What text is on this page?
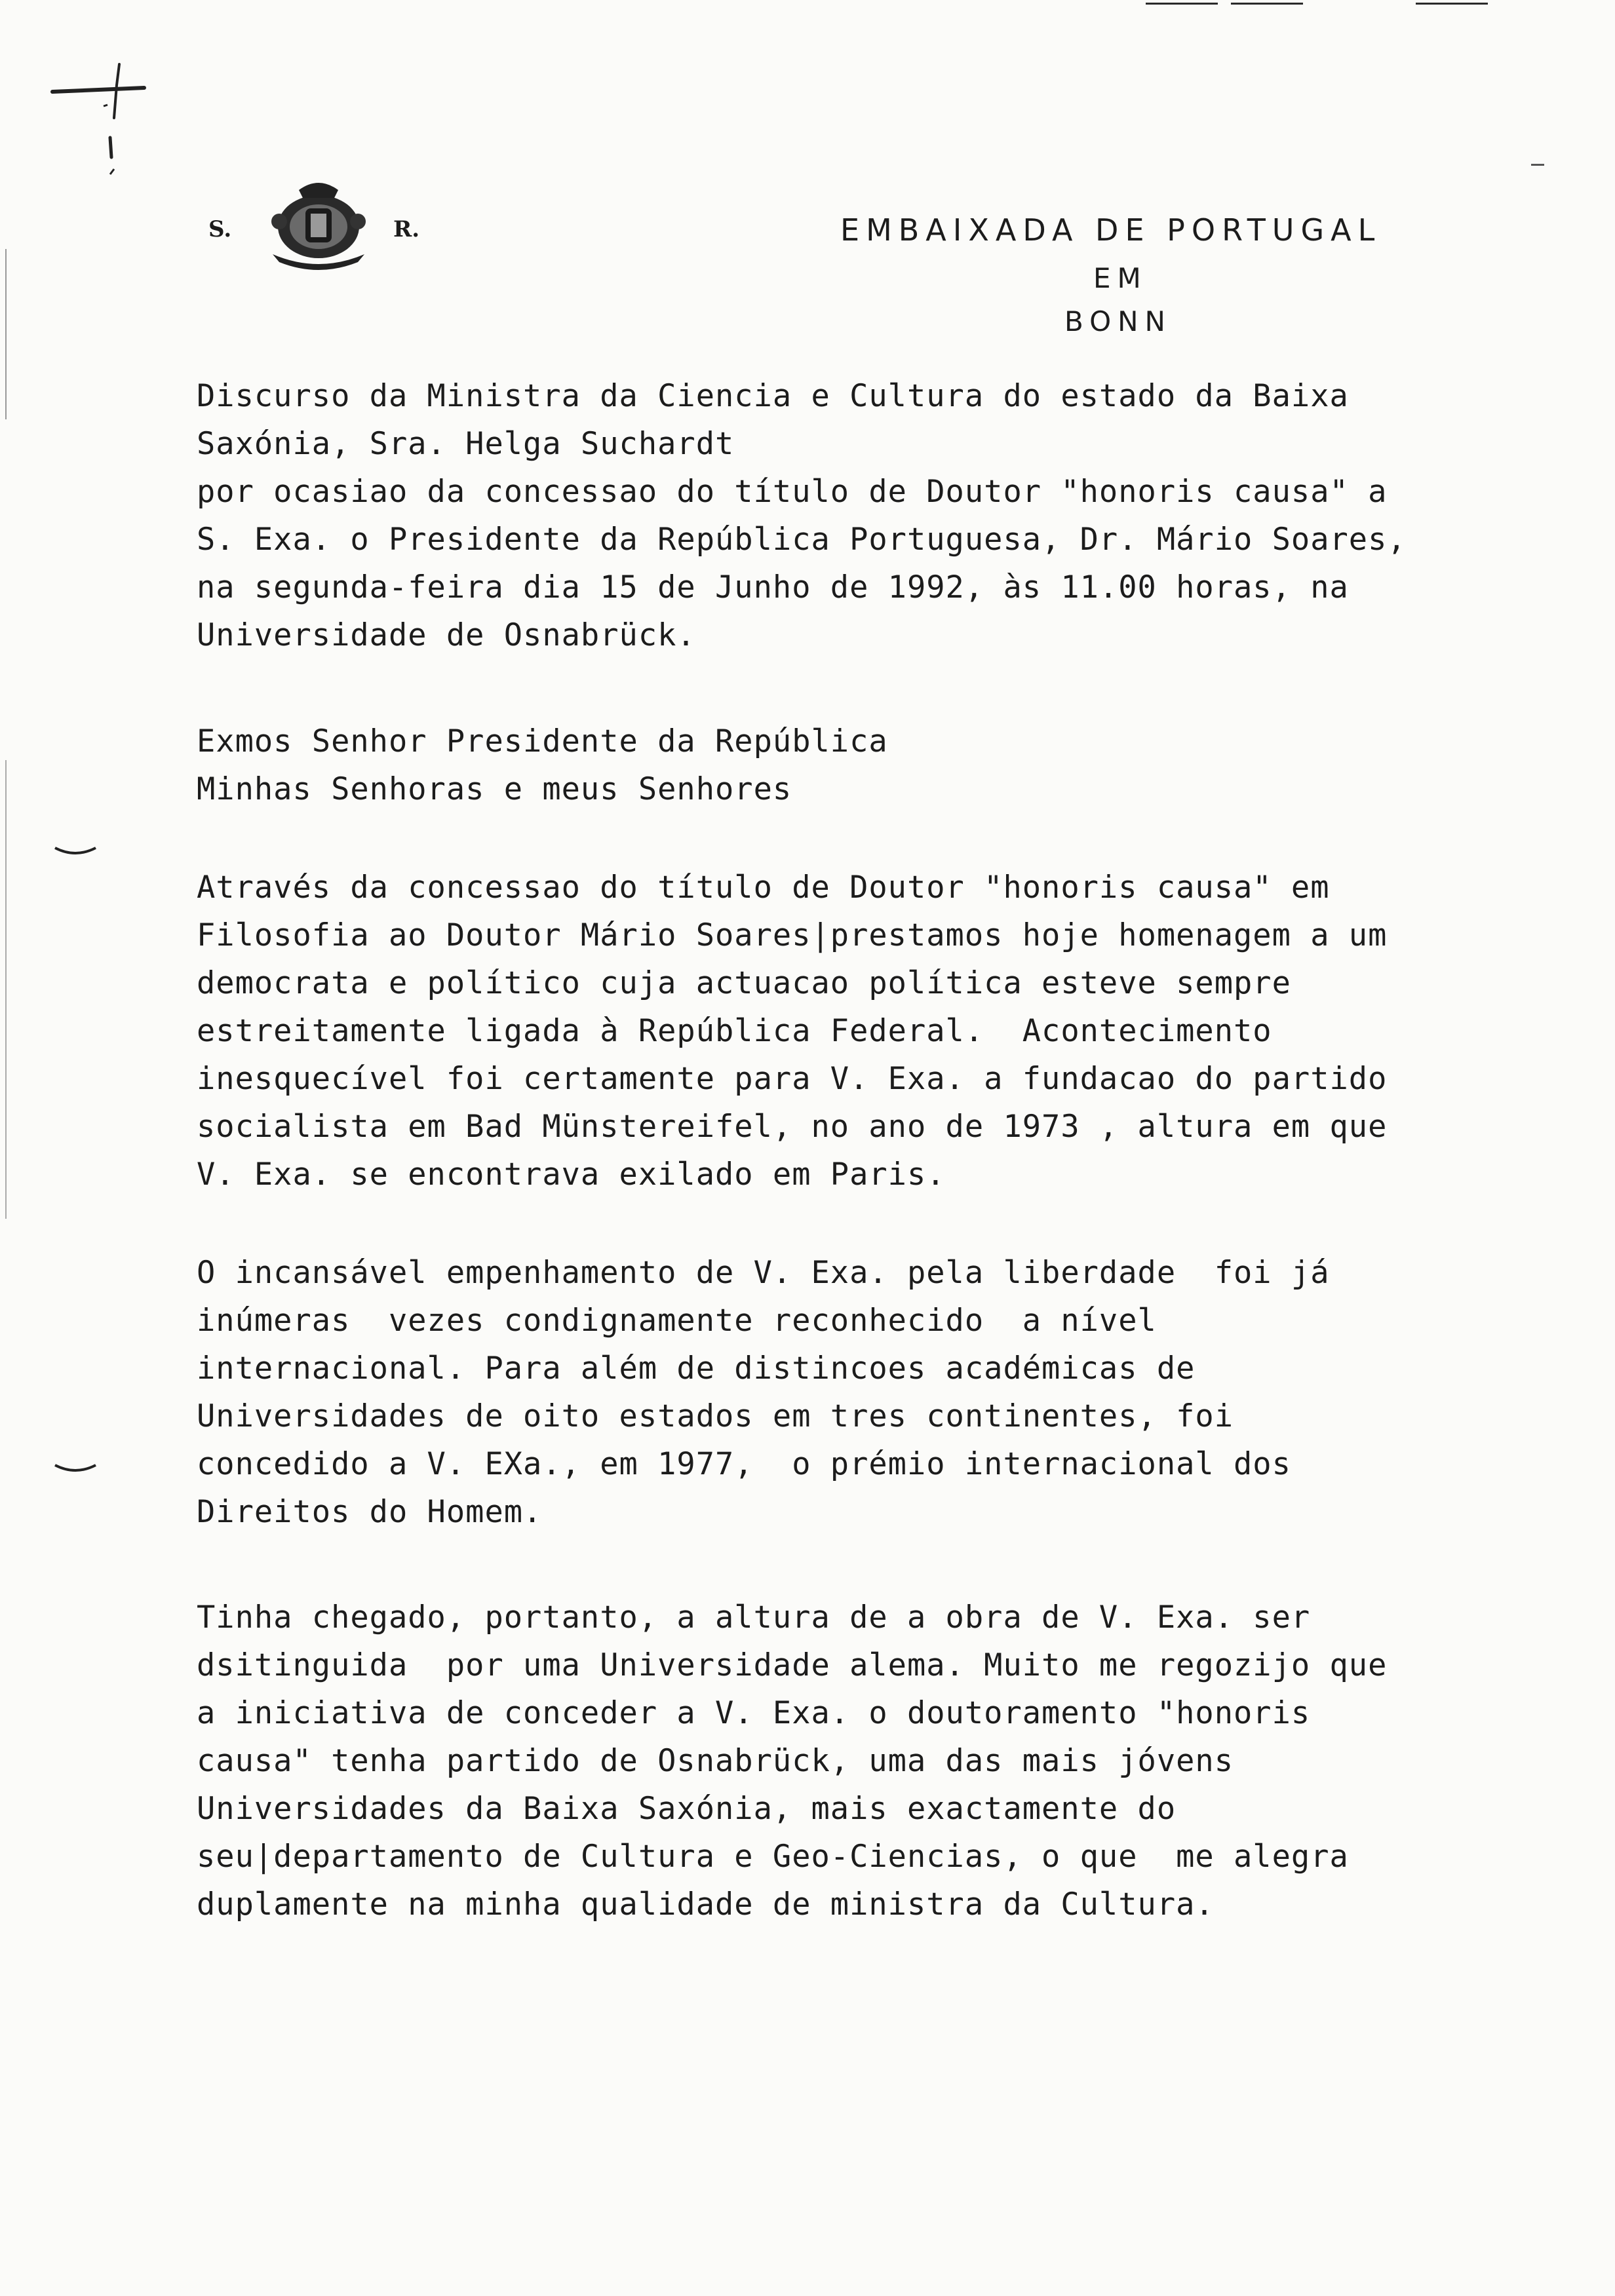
S.	R.	EMBAIXADA DE PORTUGAL
EM
BONN
Discurso da Ministra da Ciencia e Cultura do estado da Baixa
Saxónia, Sra. Helga Suchardt
por ocasiao da concessao do título de Doutor "honoris causa" a
S. Exa. o Presidente da República Portuguesa, Dr. Mário Soares,
na segunda-feira dia 15 de Junho de 1992, às 11.00 horas, na
Universidade de Osnabrück.
Exmos Senhor Presidente da República
Minhas Senhoras e meus Senhores
Através da concessao do título de Doutor "honoris causa" em
Filosofia ao Doutor Mário Soares|prestamos hoje homenagem a um
democrata e político cuja actuacao política esteve sempre
estreitamente ligada à República Federal.  Acontecimento
inesquecível foi certamente para V. Exa. a fundacao do partido
socialista em Bad Münstereifel, no ano de 1973 , altura em que
V. Exa. se encontrava exilado em Paris.
O incansável empenhamento de V. Exa. pela liberdade  foi já
inúmeras  vezes condignamente reconhecido  a nível
internacional. Para além de distincoes académicas de
Universidades de oito estados em tres continentes, foi
concedido a V. EXa., em 1977,  o prémio internacional dos
Direitos do Homem.
Tinha chegado, portanto, a altura de a obra de V. Exa. ser
dsitinguida  por uma Universidade alema. Muito me regozijo que
a iniciativa de conceder a V. Exa. o doutoramento "honoris
causa" tenha partido de Osnabrück, uma das mais jóvens
Universidades da Baixa Saxónia, mais exactamente do
seu|departamento de Cultura e Geo-Ciencias, o que  me alegra
duplamente na minha qualidade de ministra da Cultura.
